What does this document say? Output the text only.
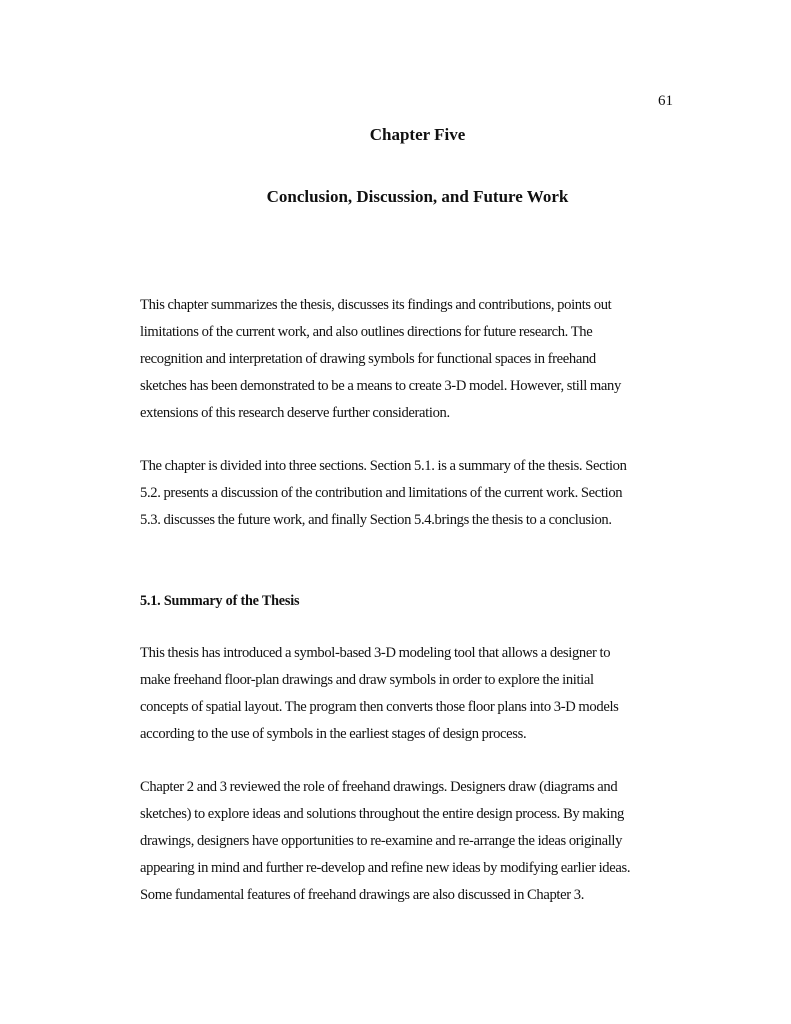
61
Chapter Five
Conclusion, Discussion, and Future Work
This chapter summarizes the thesis, discusses its findings and contributions, points out
limitations of the current work, and also outlines directions for future research. The
recognition and interpretation of drawing symbols for functional spaces in freehand
sketches has been demonstrated to be a means to create 3-D model. However, still many
extensions of this research deserve further consideration.
The chapter is divided into three sections. Section 5.1. is a summary of the thesis. Section
5.2. presents a discussion of the contribution and limitations of the current work. Section
5.3. discusses the future work, and finally Section 5.4.brings the thesis to a conclusion.
5.1. Summary of the Thesis
This thesis has introduced a symbol-based 3-D modeling tool that allows a designer to
make freehand floor-plan drawings and draw symbols in order to explore the initial
concepts of spatial layout. The program then converts those floor plans into 3-D models
according to the use of symbols in the earliest stages of design process.
Chapter 2 and 3 reviewed the role of freehand drawings. Designers draw (diagrams and
sketches) to explore ideas and solutions throughout the entire design process. By making
drawings, designers have opportunities to re-examine and re-arrange the ideas originally
appearing in mind and further re-develop and refine new ideas by modifying earlier ideas.
Some fundamental features of freehand drawings are also discussed in Chapter 3.
